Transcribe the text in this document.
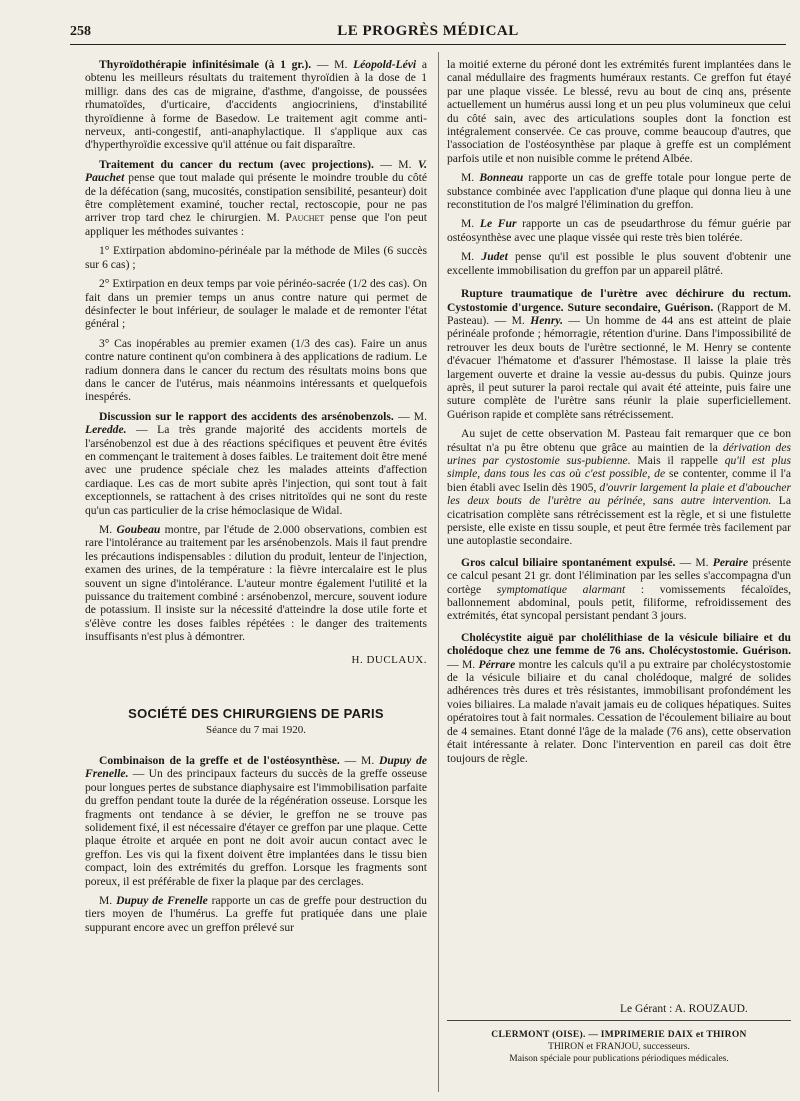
258	LE PROGRÈS MÉDICAL

Thyroïdothérapie infinitésimale (à 1 gr.). — M. Léopold-Lévi a obtenu les meilleurs résultats du traitement thyroïdien à la dose de 1 milligr. dans des cas de migraine, d'asthme, d'angoisse, de poussées rhumatoïdes, d'urticaire, d'accidents angiocriniens, d'instabilité thyroïdienne à forme de Basedow. Le traitement agit comme anti-nerveux, anti-congestif, anti-anaphylactique. Il s'applique aux cas d'hyperthyroïdie excessive qu'il atténue ou fait disparaître.

Traitement du cancer du rectum (avec projections). — M. V. Pauchet pense que tout malade qui présente le moindre trouble du côté de la défécation (sang, mucosités, constipation sensibilité, pesanteur) doit être complètement examiné, toucher rectal, rectoscopie, pour ne pas arriver trop tard chez le chirurgien. M. Pauchet pense que l'on peut appliquer les méthodes suivantes :

1° Extirpation abdomino-périnéale par la méthode de Miles (6 succès sur 6 cas) ;

2° Extirpation en deux temps par voie périnéo-sacrée (1/2 des cas). On fait dans un premier temps un anus contre nature qui permet de désinfecter le bout inférieur, de soulager le malade et de remonter l'état général ;

3° Cas inopérables au premier examen (1/3 des cas). Faire un anus contre nature continent qu'on combinera à des applications de radium. Le radium donnera dans le cancer du rectum des résultats moins bons que dans le cancer de l'utérus, mais néanmoins intéressants et quelquefois inespérés.

Discussion sur le rapport des accidents des arsénobenzols. — M. Leredde. — La très grande majorité des accidents mortels de l'arsénobenzol est due à des réactions spécifiques et peuvent être évités en commençant le traitement à doses faibles. Le traitement doit être mené avec une prudence spéciale chez les malades atteints d'affection cardiaque. Les cas de mort subite après l'injection, qui sont tout à fait exceptionnels, se rattachent à des crises nitritoïdes qui ne sont du reste qu'un cas particulier de la crise hémoclasique de Widal.

M. Goubeau montre, par l'étude de 2.000 observations, combien est rare l'intolérance au traitement par les arsénobenzols. Mais il faut prendre les précautions indispensables : dilution du produit, lenteur de l'injection, examen des urines, de la température : la fièvre intercalaire est le plus souvent un signe d'intolérance. L'auteur montre également l'utilité et la puissance du traitement combiné : arsénobenzol, mercure, souvent iodure de potassium. Il insiste sur la nécessité d'atteindre la dose utile forte et s'élève contre les doses faibles répétées : le danger des traitements insuffisants n'est plus à démontrer.

H. DUCLAUX.
SOCIÉTÉ DES CHIRURGIENS DE PARIS
Séance du 7 mai 1920.

Combinaison de la greffe et de l'ostéosynthèse. — M. Dupuy de Frenelle. — Un des principaux facteurs du succès de la greffe osseuse pour longues pertes de substance diaphysaire est l'immobilisation parfaite du greffon pendant toute la durée de la régénération osseuse. Lorsque les fragments ont tendance à se dévier, le greffon ne se trouve pas solidement fixé, il est nécessaire d'étayer ce greffon par une plaque. Cette plaque étroite et arquée en pont ne doit avoir aucun contact avec le greffon. Les vis qui la fixent doivent être implantées dans le tissu bien compact, loin des extrémités du greffon. Lorsque les fragments sont poreux, il est préférable de fixer la plaque par des cerclages.

M. Dupuy de Frenelle rapporte un cas de greffe pour destruction du tiers moyen de l'humérus. La greffe fut pratiquée dans une plaie suppurant encore avec un greffon prélevé sur

la moitié externe du péroné dont les extrémités furent implantées dans le canal médullaire des fragments huméraux restants. Ce greffon fut étayé par une plaque vissée. Le blessé, revu au bout de cinq ans, présente actuellement un humérus aussi long et un peu plus volumineux que celui du côté sain, avec des articulations souples dont la fonction est intégralement conservée. Ce cas prouve, comme beaucoup d'autres, que l'association de l'ostéosynthèse par plaque à greffe est un complément parfois utile et non nuisible comme le prétend Albée.

M. Bonneau rapporte un cas de greffe totale pour longue perte de substance combinée avec l'application d'une plaque qui donna lieu à une reconstitution de l'os malgré l'élimination du greffon.

M. Le Fur rapporte un cas de pseudarthrose du fémur guérie par ostéosynthèse avec une plaque vissée qui reste très bien tolérée.

M. Judet pense qu'il est possible le plus souvent d'obtenir une excellente immobilisation du greffon par un appareil plâtré.

Rupture traumatique de l'urètre avec déchirure du rectum. Cystostomie d'urgence. Suture secondaire, Guérison. (Rapport de M. Pasteau). — M. Henry. — Un homme de 44 ans est atteint de plaie périnéale profonde ; hémorragie, rétention d'urine. Dans l'impossibilité de retrouver les deux bouts de l'urètre sectionné, le M. Henry se contente d'évacuer l'hématome et d'assurer l'hémostase. Il laisse la plaie très largement ouverte et draine la vessie au-dessus du pubis. Quinze jours après, il peut suturer la paroi rectale qui avait été atteinte, puis faire une suture complète de l'urètre sans réunir la plaie superficiellement. Guérison rapide et complète sans rétrécissement.

Au sujet de cette observation M. Pasteau fait remarquer que ce bon résultat n'a pu être obtenu que grâce au maintien de la dérivation des urines par cystostomie sus-pubienne. Mais il rappelle qu'il est plus simple, dans tous les cas où c'est possible, de se contenter, comme il l'a bien établi avec Iselin dès 1905, d'ouvrir largement la plaie et d'aboucher les deux bouts de l'urètre au périnée, sans autre intervention. La cicatrisation complète sans rétrécissement est la règle, et si une fistulette persiste, elle existe en tissu souple, et peut être fermée très facilement par une autoplastie secondaire.

Gros calcul biliaire spontanément expulsé. — M. Peraire présente ce calcul pesant 21 gr. dont l'élimination par les selles s'accompagna d'un cortège symptomatique alarmant : vomissements fécaloïdes, ballonnement abdominal, pouls petit, filiforme, refroidissement des extrémités, état syncopal persistant pendant 3 jours.

Cholécystite aiguë par cholélithiase de la vésicule biliaire et du cholédoque chez une femme de 76 ans. Cholécystostomie. Guérison. — M. Pérrare montre les calculs qu'il a pu extraire par cholécystostomie de la vésicule biliaire et du canal cholédoque, malgré de solides adhérences très dures et très résistantes, immobilisant profondément les voies biliaires. La malade n'avait jamais eu de coliques hépatiques. Suites opératoires tout à fait normales. Cessation de l'écoulement biliaire au bout de 4 semaines. Etant donné l'âge de la malade (76 ans), cette observation était intéressante à relater. Donc l'intervention en pareil cas doit être toujours de règle.

Le Gérant : A. ROUZAUD.
CLERMONT (OISE). — IMPRIMERIE DAIX et THIRON
THIRON et FRANJOU, successeurs.
Maison spéciale pour publications périodiques médicales.
